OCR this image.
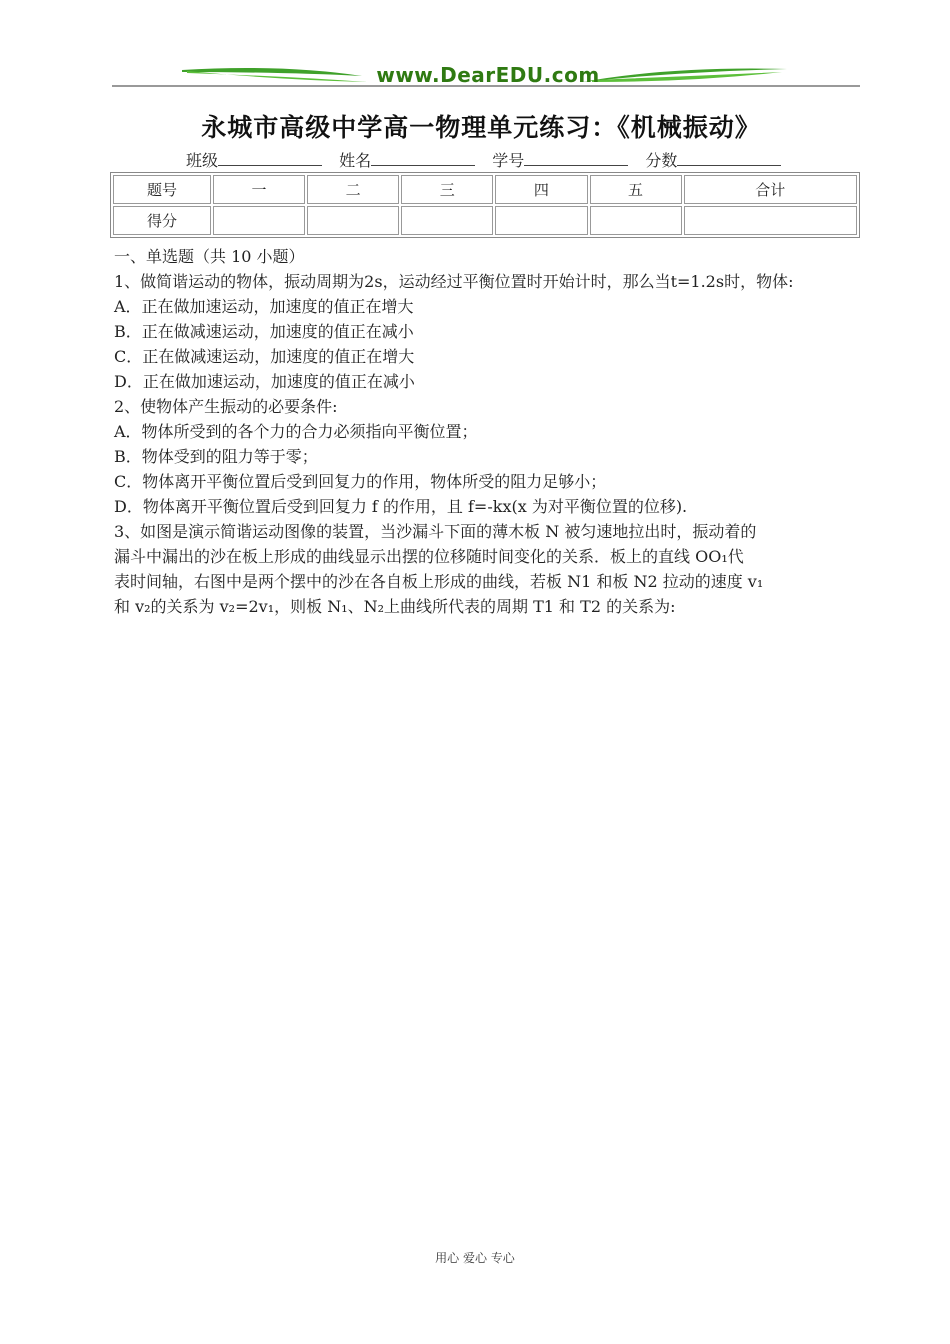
www.DearEDU.com
永城市高级中学高一物理单元练习：《机械振动》
班级	姓名	学号	分数
题号	一	二	三	四	五	合计
得分						

一、单选题（共 10 小题）

1、做简谐运动的物体，振动周期为2s，运动经过平衡位置时开始计时，那么当t=1.2s时，物体:

A．正在做加速运动，加速度的值正在增大

B．正在做减速运动，加速度的值正在减小

C．正在做减速运动，加速度的值正在增大

D．正在做加速运动，加速度的值正在减小

2、使物体产生振动的必要条件:

A．物体所受到的各个力的合力必须指向平衡位置；

B．物体受到的阻力等于零；

C．物体离开平衡位置后受到回复力的作用，物体所受的阻力足够小；

D．物体离开平衡位置后受到回复力 f 的作用，且 f=-kx(x 为对平衡位置的位移).

3、如图是演示简谐运动图像的装置，当沙漏斗下面的薄木板 N 被匀速地拉出时，振动着的

漏斗中漏出的沙在板上形成的曲线显示出摆的位移随时间变化的关系．板上的直线 OO₁代

表时间轴，右图中是两个摆中的沙在各自板上形成的曲线，若板 N1 和板 N2 拉动的速度 v₁

和 v₂的关系为 v₂=2v₁，则板 N₁、N₂上曲线所代表的周期 T1 和 T2 的关系为:

用心 爱心 专心
